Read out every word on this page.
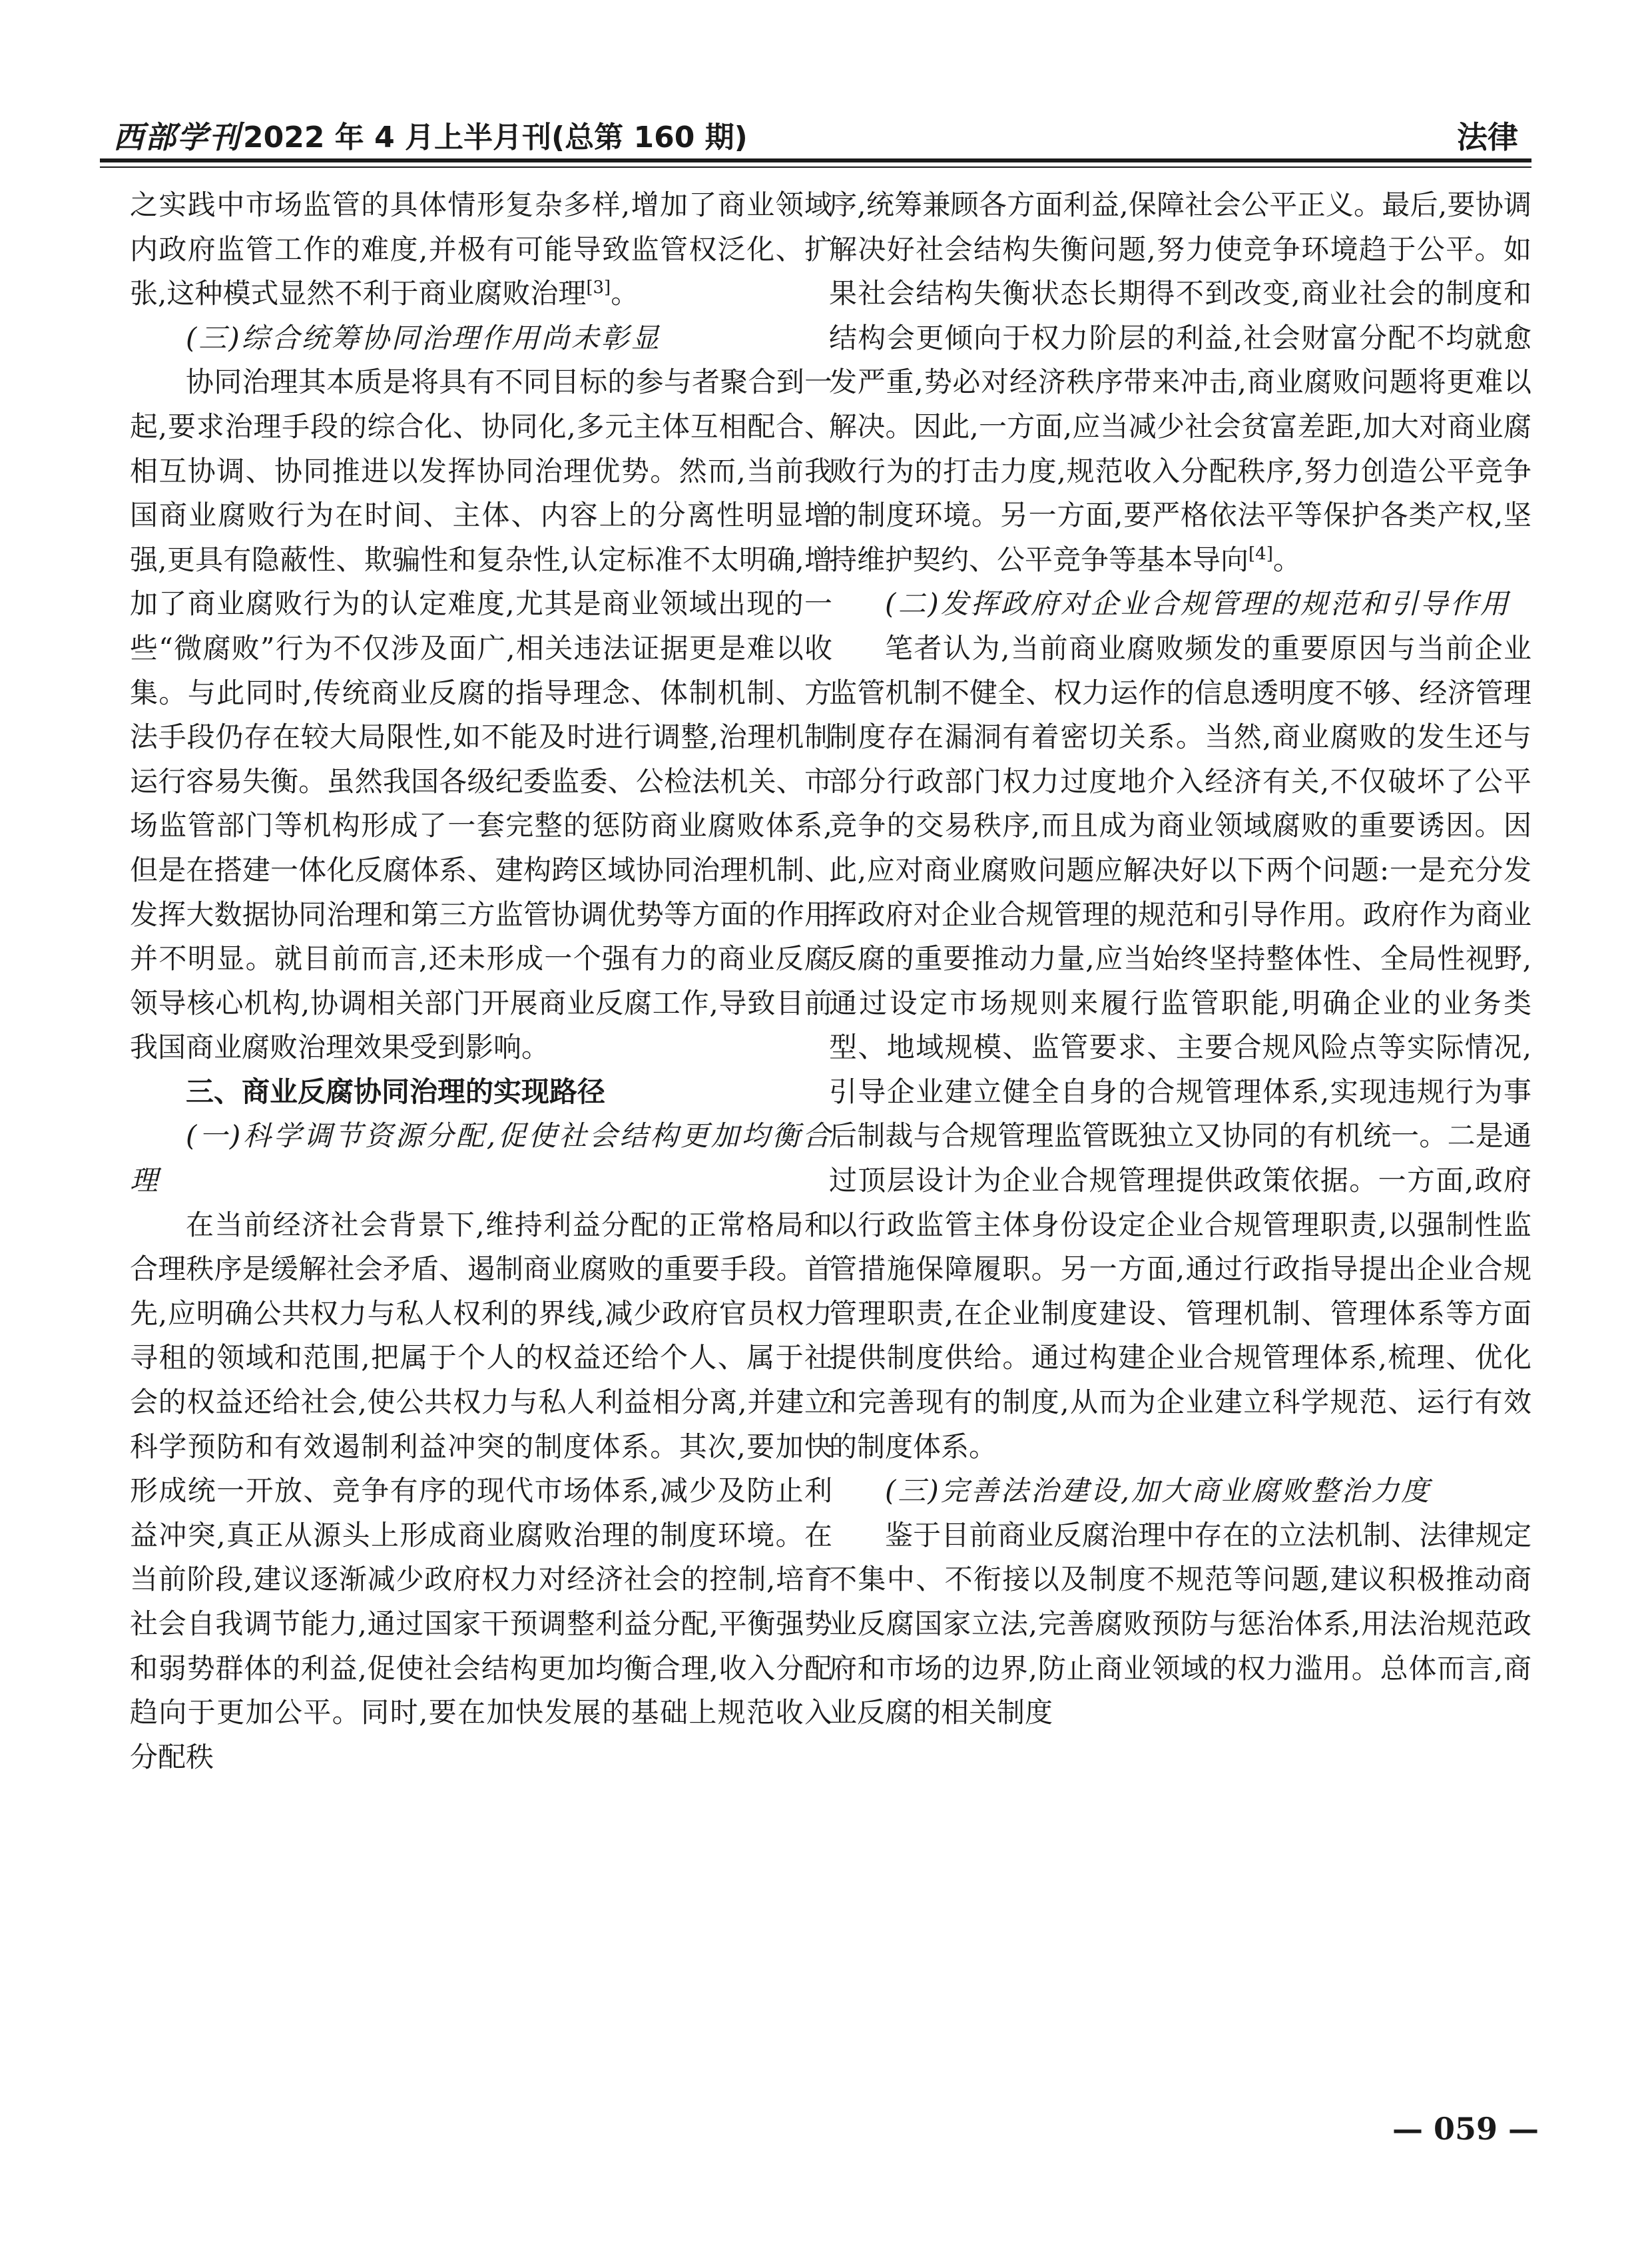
西部学刊 2022 年 4 月上半月刊(总第 160 期)	法律

之实践中市场监管的具体情形复杂多样,增加了商业领域内政府监管工作的难度,并极有可能导致监管权泛化、扩张,这种模式显然不利于商业腐败治理[3]。

(三)综合统筹协同治理作用尚未彰显

协同治理其本质是将具有不同目标的参与者聚合到一起,要求治理手段的综合化、协同化,多元主体互相配合、相互协调、协同推进以发挥协同治理优势。然而,当前我国商业腐败行为在时间、主体、内容上的分离性明显增强,更具有隐蔽性、欺骗性和复杂性,认定标准不太明确,增加了商业腐败行为的认定难度,尤其是商业领域出现的一些“微腐败”行为不仅涉及面广,相关违法证据更是难以收集。与此同时,传统商业反腐的指导理念、体制机制、方法手段仍存在较大局限性,如不能及时进行调整,治理机制运行容易失衡。虽然我国各级纪委监委、公检法机关、市场监管部门等机构形成了一套完整的惩防商业腐败体系,但是在搭建一体化反腐体系、建构跨区域协同治理机制、发挥大数据协同治理和第三方监管协调优势等方面的作用并不明显。就目前而言,还未形成一个强有力的商业反腐领导核心机构,协调相关部门开展商业反腐工作,导致目前我国商业腐败治理效果受到影响。

三、商业反腐协同治理的实现路径

(一)科学调节资源分配,促使社会结构更加均衡合理

在当前经济社会背景下,维持利益分配的正常格局和合理秩序是缓解社会矛盾、遏制商业腐败的重要手段。首先,应明确公共权力与私人权利的界线,减少政府官员权力寻租的领域和范围,把属于个人的权益还给个人、属于社会的权益还给社会,使公共权力与私人利益相分离,并建立科学预防和有效遏制利益冲突的制度体系。其次,要加快形成统一开放、竞争有序的现代市场体系,减少及防止利益冲突,真正从源头上形成商业腐败治理的制度环境。在当前阶段,建议逐渐减少政府权力对经济社会的控制,培育社会自我调节能力,通过国家干预调整利益分配,平衡强势和弱势群体的利益,促使社会结构更加均衡合理,收入分配趋向于更加公平。同时,要在加快发展的基础上规范收入分配秩

序,统筹兼顾各方面利益,保障社会公平正义。最后,要协调解决好社会结构失衡问题,努力使竞争环境趋于公平。如果社会结构失衡状态长期得不到改变,商业社会的制度和结构会更倾向于权力阶层的利益,社会财富分配不均就愈发严重,势必对经济秩序带来冲击,商业腐败问题将更难以解决。因此,一方面,应当减少社会贫富差距,加大对商业腐败行为的打击力度,规范收入分配秩序,努力创造公平竞争的制度环境。另一方面,要严格依法平等保护各类产权,坚持维护契约、公平竞争等基本导向[4]。

(二)发挥政府对企业合规管理的规范和引导作用

笔者认为,当前商业腐败频发的重要原因与当前企业监管机制不健全、权力运作的信息透明度不够、经济管理制度存在漏洞有着密切关系。当然,商业腐败的发生还与部分行政部门权力过度地介入经济有关,不仅破坏了公平竞争的交易秩序,而且成为商业领域腐败的重要诱因。因此,应对商业腐败问题应解决好以下两个问题:一是充分发挥政府对企业合规管理的规范和引导作用。政府作为商业反腐的重要推动力量,应当始终坚持整体性、全局性视野,通过设定市场规则来履行监管职能,明确企业的业务类型、地域规模、监管要求、主要合规风险点等实际情况,引导企业建立健全自身的合规管理体系,实现违规行为事后制裁与合规管理监管既独立又协同的有机统一。二是通过顶层设计为企业合规管理提供政策依据。一方面,政府以行政监管主体身份设定企业合规管理职责,以强制性监管措施保障履职。另一方面,通过行政指导提出企业合规管理职责,在企业制度建设、管理机制、管理体系等方面提供制度供给。通过构建企业合规管理体系,梳理、优化和完善现有的制度,从而为企业建立科学规范、运行有效的制度体系。

(三)完善法治建设,加大商业腐败整治力度

鉴于目前商业反腐治理中存在的立法机制、法律规定不集中、不衔接以及制度不规范等问题,建议积极推动商业反腐国家立法,完善腐败预防与惩治体系,用法治规范政府和市场的边界,防止商业领域的权力滥用。总体而言,商业反腐的相关制度

— 059 —
